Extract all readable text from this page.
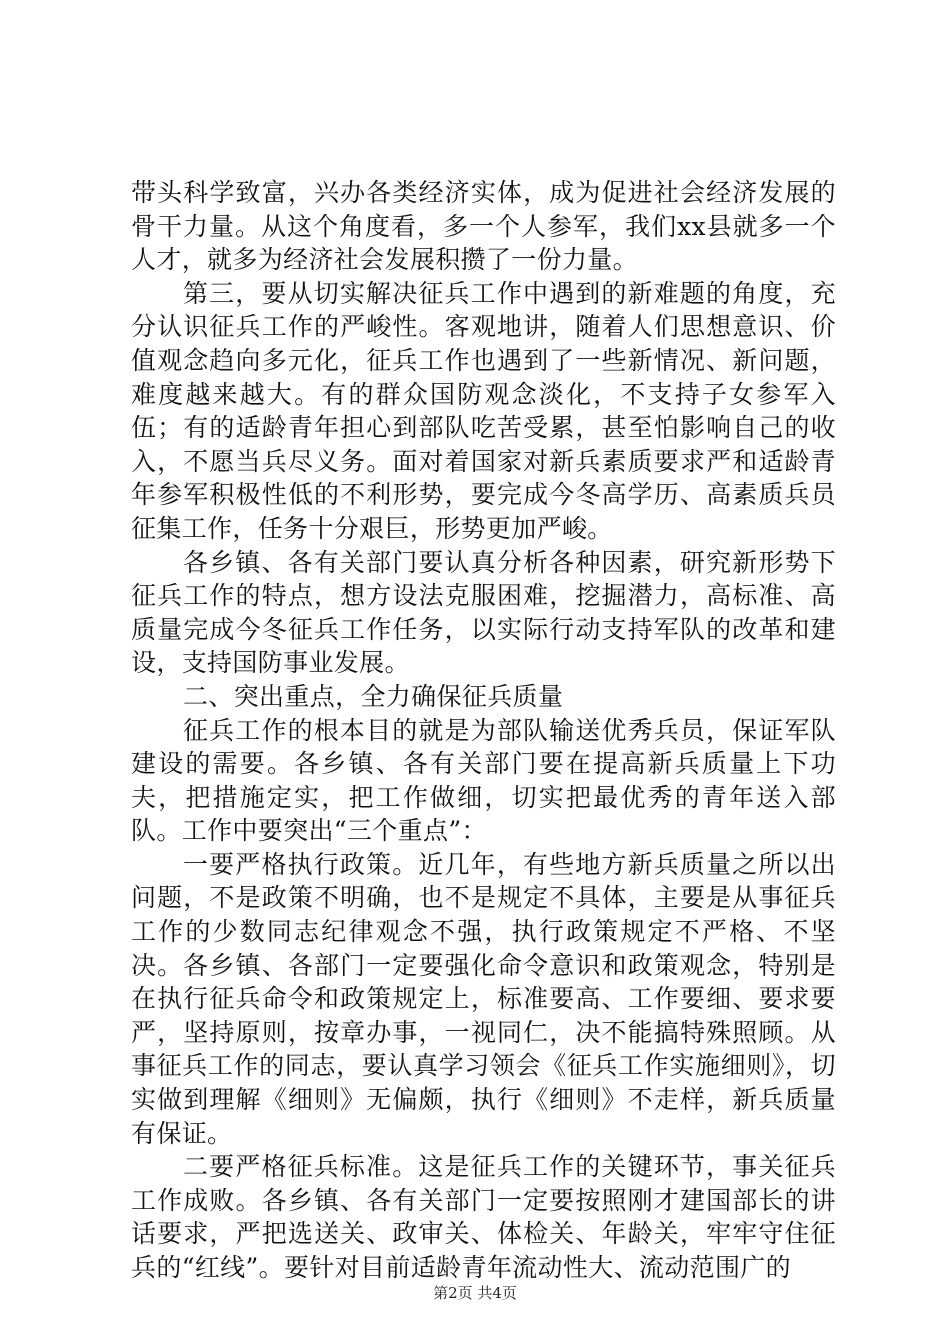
带头科学致富，兴办各类经济实体，成为促进社会经济发展的骨干力量。从这个角度看，多一个人参军，我们xx县就多一个人才，就多为经济社会发展积攒了一份力量。

第三，要从切实解决征兵工作中遇到的新难题的角度，充分认识征兵工作的严峻性。客观地讲，随着人们思想意识、价值观念趋向多元化，征兵工作也遇到了一些新情况、新问题，难度越来越大。有的群众国防观念淡化，不支持子女参军入伍；有的适龄青年担心到部队吃苦受累，甚至怕影响自己的收入，不愿当兵尽义务。面对着国家对新兵素质要求严和适龄青年参军积极性低的不利形势，要完成今冬高学历、高素质兵员征集工作，任务十分艰巨，形势更加严峻。

各乡镇、各有关部门要认真分析各种因素，研究新形势下征兵工作的特点，想方设法克服困难，挖掘潜力，高标准、高质量完成今冬征兵工作任务，以实际行动支持军队的改革和建设，支持国防事业发展。

二、突出重点，全力确保征兵质量

征兵工作的根本目的就是为部队输送优秀兵员，保证军队建设的需要。各乡镇、各有关部门要在提高新兵质量上下功夫，把措施定实，把工作做细，切实把最优秀的青年送入部队。工作中要突出“三个重点”：

一要严格执行政策。近几年，有些地方新兵质量之所以出问题，不是政策不明确，也不是规定不具体，主要是从事征兵工作的少数同志纪律观念不强，执行政策规定不严格、不坚决。各乡镇、各部门一定要强化命令意识和政策观念，特别是在执行征兵命令和政策规定上，标准要高、工作要细、要求要严，坚持原则，按章办事，一视同仁，决不能搞特殊照顾。从事征兵工作的同志，要认真学习领会《征兵工作实施细则》，切实做到理解《细则》无偏颇，执行《细则》不走样，新兵质量有保证。

二要严格征兵标准。这是征兵工作的关键环节，事关征兵工作成败。各乡镇、各有关部门一定要按照刚才建国部长的讲话要求，严把选送关、政审关、体检关、年龄关，牢牢守住征兵的“红线”。要针对目前适龄青年流动性大、流动范围广的

第2页 共4页
